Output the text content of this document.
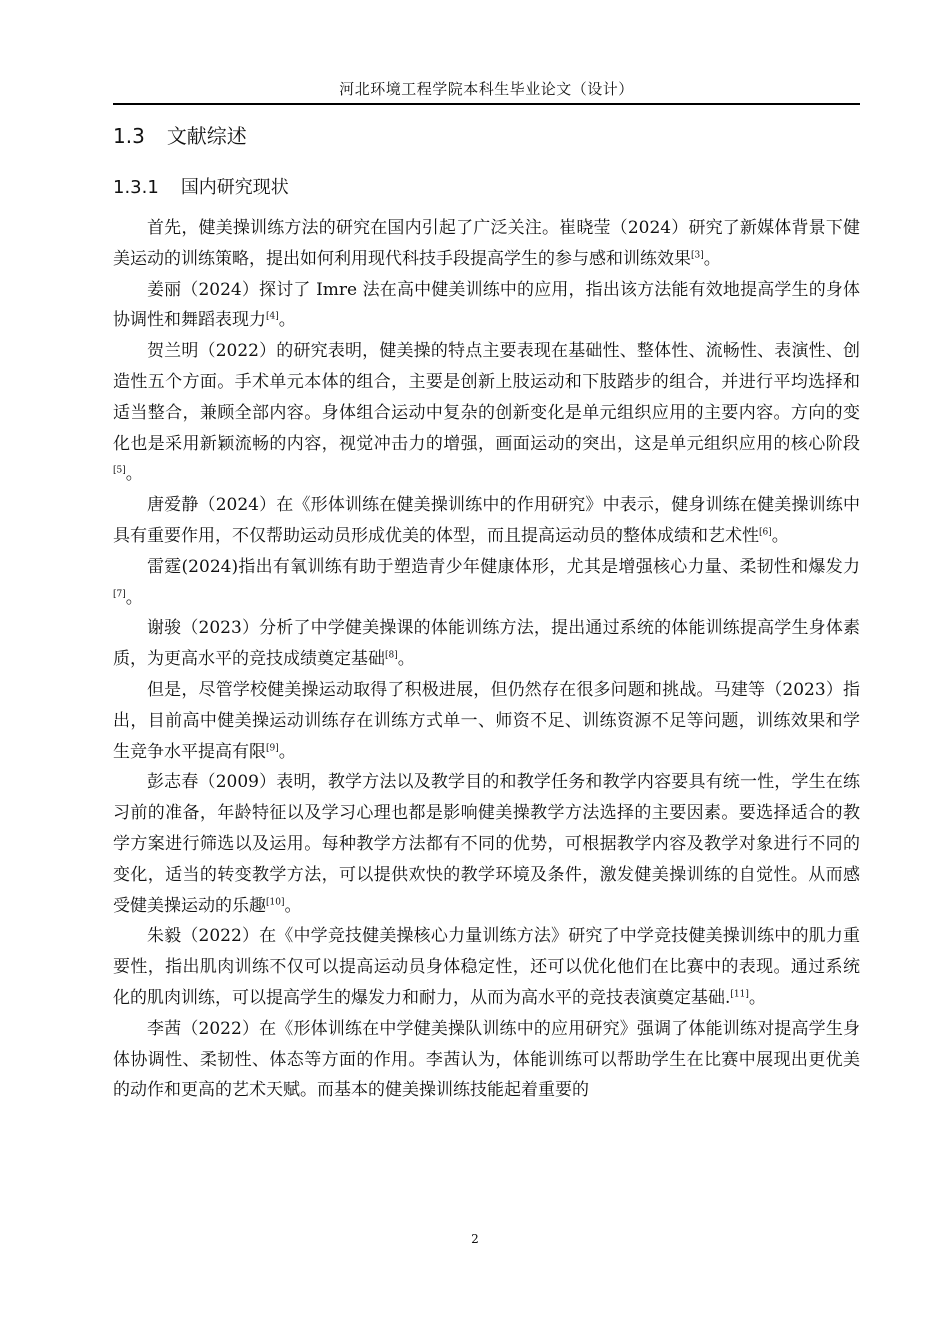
河北环境工程学院本科生毕业论文（设计）
1.3 文献综述
1.3.1 国内研究现状

首先，健美操训练方法的研究在国内引起了广泛关注。崔晓莹（2024）研究了新媒体背景下健美运动的训练策略，提出如何利用现代科技手段提高学生的参与感和训练效果[3]。

姜丽（2024）探讨了 Imre 法在高中健美训练中的应用，指出该方法能有效地提高学生的身体协调性和舞蹈表现力[4]。

贺兰明（2022）的研究表明，健美操的特点主要表现在基础性、整体性、流畅性、表演性、创造性五个方面。手术单元本体的组合，主要是创新上肢运动和下肢踏步的组合，并进行平均选择和适当整合，兼顾全部内容。身体组合运动中复杂的创新变化是单元组织应用的主要内容。方向的变化也是采用新颖流畅的内容，视觉冲击力的增强，画面运动的突出，这是单元组织应用的核心阶段[5]。

唐爱静（2024）在《形体训练在健美操训练中的作用研究》中表示，健身训练在健美操训练中具有重要作用，不仅帮助运动员形成优美的体型，而且提高运动员的整体成绩和艺术性[6]。

雷霆(2024)指出有氧训练有助于塑造青少年健康体形，尤其是增强核心力量、柔韧性和爆发力[7]。

谢骏（2023）分析了中学健美操课的体能训练方法，提出通过系统的体能训练提高学生身体素质，为更高水平的竞技成绩奠定基础[8]。

但是，尽管学校健美操运动取得了积极进展，但仍然存在很多问题和挑战。马建等（2023）指出，目前高中健美操运动训练存在训练方式单一、师资不足、训练资源不足等问题，训练效果和学生竞争水平提高有限[9]。

彭志春（2009）表明，教学方法以及教学目的和教学任务和教学内容要具有统一性，学生在练习前的准备，年龄特征以及学习心理也都是影响健美操教学方法选择的主要因素。要选择适合的教学方案进行筛选以及运用。每种教学方法都有不同的优势，可根据教学内容及教学对象进行不同的变化，适当的转变教学方法，可以提供欢快的教学环境及条件，激发健美操训练的自觉性。从而感受健美操运动的乐趣[10]。

朱毅（2022）在《中学竞技健美操核心力量训练方法》研究了中学竞技健美操训练中的肌力重要性，指出肌肉训练不仅可以提高运动员身体稳定性，还可以优化他们在比赛中的表现。通过系统化的肌肉训练，可以提高学生的爆发力和耐力，从而为高水平的竞技表演奠定基础.[11]。

李茜（2022）在《形体训练在中学健美操队训练中的应用研究》强调了体能训练对提高学生身体协调性、柔韧性、体态等方面的作用。李茜认为，体能训练可以帮助学生在比赛中展现出更优美的动作和更高的艺术天赋。而基本的健美操训练技能起着重要的

2
